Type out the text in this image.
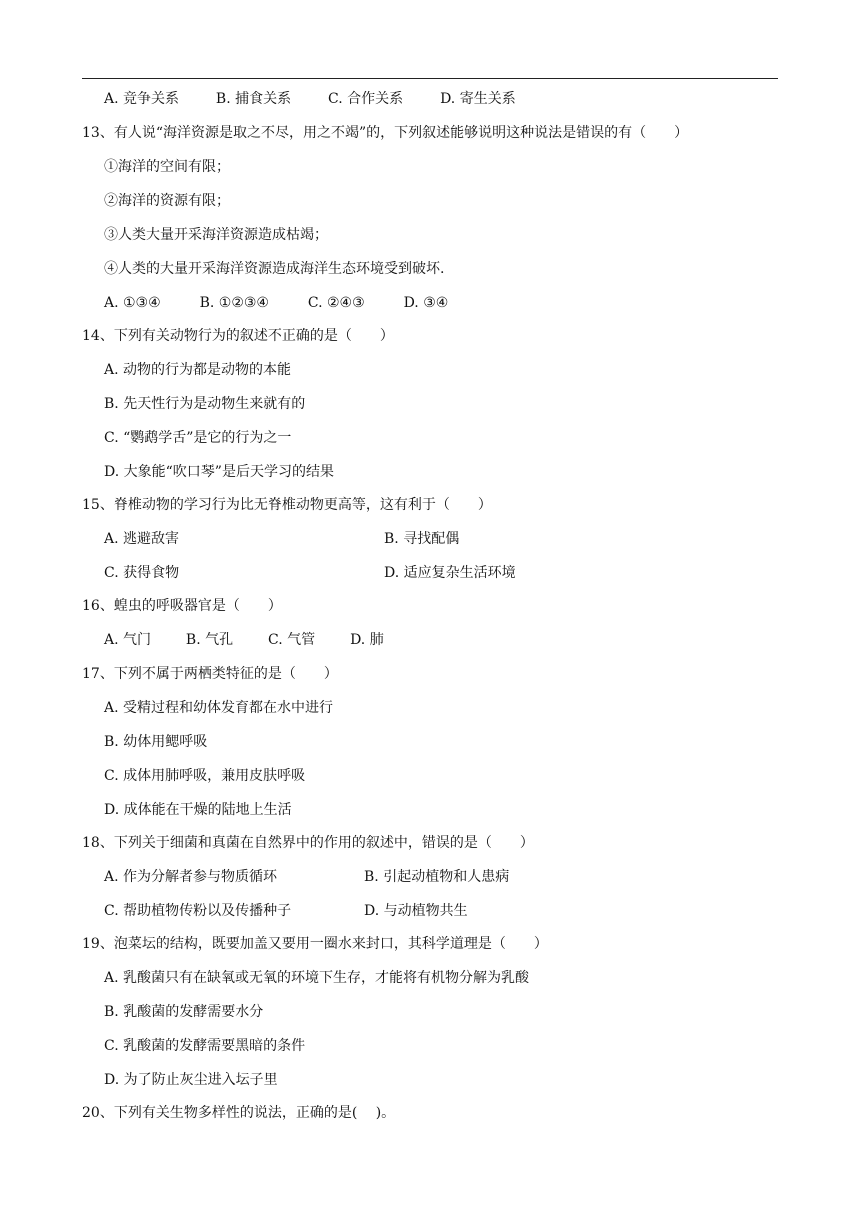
A. 竞争关系	B. 捕食关系	C. 合作关系	D. 寄生关系
13、有人说“海洋资源是取之不尽，用之不竭”的，下列叙述能够说明这种说法是错误的有（　　）
①海洋的空间有限；
②海洋的资源有限；
③人类大量开采海洋资源造成枯竭；
④人类的大量开采海洋资源造成海洋生态环境受到破坏.
A. ①③④	B. ①②③④	C. ②④③	D. ③④
14、下列有关动物行为的叙述不正确的是（　　）
A. 动物的行为都是动物的本能
B. 先天性行为是动物生来就有的
C. “鹦鹉学舌”是它的行为之一
D. 大象能“吹口琴”是后天学习的结果
15、脊椎动物的学习行为比无脊椎动物更高等，这有利于（　　）
A. 逃避敌害	B. 寻找配偶
C. 获得食物	D. 适应复杂生活环境
16、蝗虫的呼吸器官是（　　）
A. 气门 B. 气孔 C. 气管 D. 肺
17、下列不属于两栖类特征的是（　　）
A. 受精过程和幼体发育都在水中进行
B. 幼体用鳃呼吸
C. 成体用肺呼吸，兼用皮肤呼吸
D. 成体能在干燥的陆地上生活
18、下列关于细菌和真菌在自然界中的作用的叙述中，错误的是（　　）
A. 作为分解者参与物质循环	B. 引起动植物和人患病
C. 帮助植物传粉以及传播种子	D. 与动植物共生
19、泡菜坛的结构，既要加盖又要用一圈水来封口，其科学道理是（　　）
A. 乳酸菌只有在缺氧或无氧的环境下生存，才能将有机物分解为乳酸
B. 乳酸菌的发酵需要水分
C. 乳酸菌的发酵需要黑暗的条件
D. 为了防止灰尘进入坛子里
20、下列有关生物多样性的说法，正确的是(　 )。
